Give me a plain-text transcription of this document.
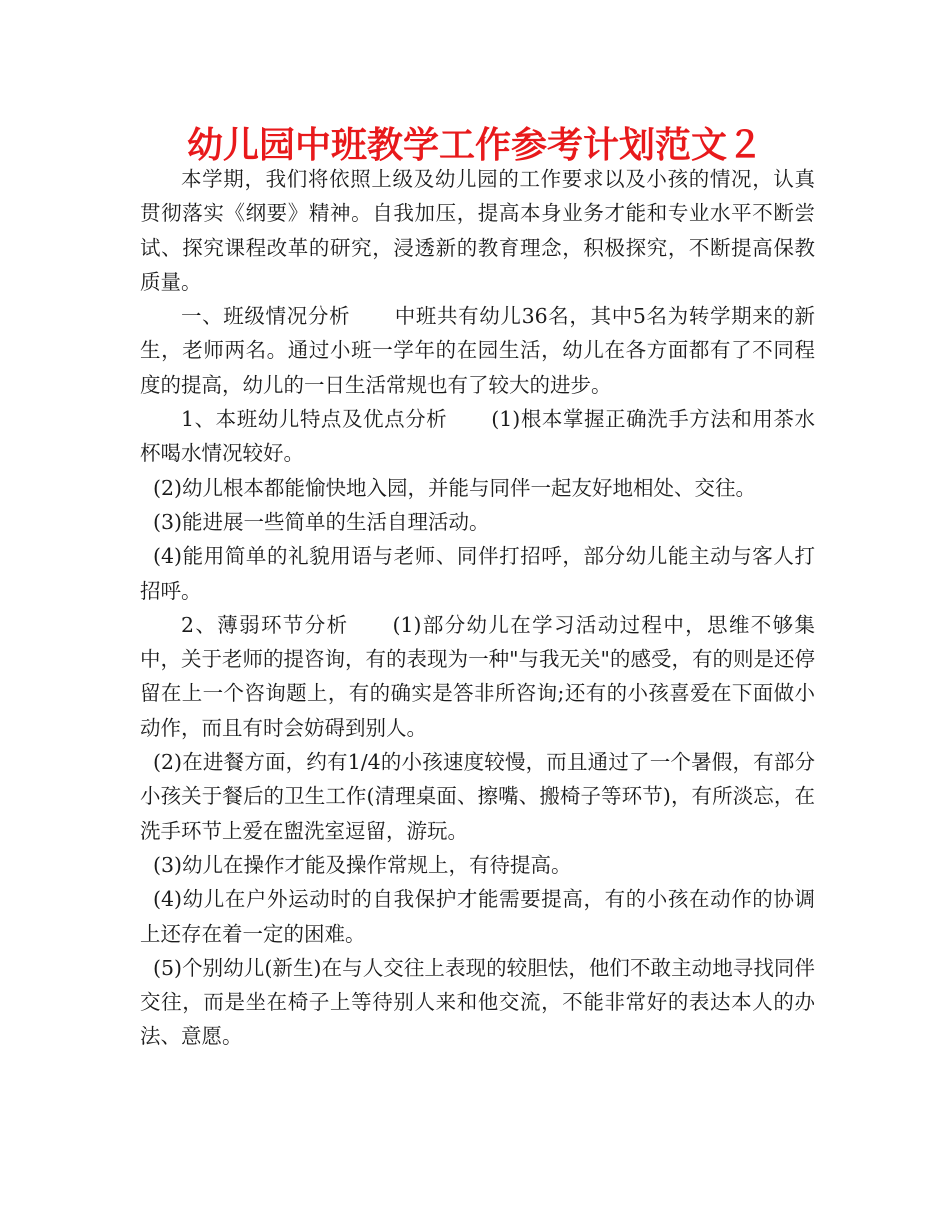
幼儿园中班教学工作参考计划范文２

本学期，我们将依照上级及幼儿园的工作要求以及小孩的情况，认真贯彻落实《纲要》精神。自我加压，提高本身业务才能和专业水平不断尝试、探究课程改革的研究，浸透新的教育理念，积极探究，不断提高保教质量。

一、班级情况分析 中班共有幼儿36名，其中5名为转学期来的新生，老师两名。通过小班一学年的在园生活，幼儿在各方面都有了不同程度的提高，幼儿的一日生活常规也有了较大的进步。

1、本班幼儿特点及优点分析 (1)根本掌握正确洗手方法和用茶水杯喝水情况较好。

(2)幼儿根本都能愉快地入园，并能与同伴一起友好地相处、交往。

(3)能进展一些简单的生活自理活动。

(4)能用简单的礼貌用语与老师、同伴打招呼，部分幼儿能主动与客人打招呼。

2、薄弱环节分析 (1)部分幼儿在学习活动过程中，思维不够集中，关于老师的提咨询，有的表现为一种"与我无关"的感受，有的则是还停留在上一个咨询题上，有的确实是答非所咨询;还有的小孩喜爱在下面做小动作，而且有时会妨碍到别人。

(2)在进餐方面，约有1/4的小孩速度较慢，而且通过了一个暑假，有部分小孩关于餐后的卫生工作(清理桌面、擦嘴、搬椅子等环节)，有所淡忘，在洗手环节上爱在盥洗室逗留，游玩。

(3)幼儿在操作才能及操作常规上，有待提高。

(4)幼儿在户外运动时的自我保护才能需要提高，有的小孩在动作的协调上还存在着一定的困难。

(5)个别幼儿(新生)在与人交往上表现的较胆怯，他们不敢主动地寻找同伴交往，而是坐在椅子上等待别人来和他交流，不能非常好的表达本人的办法、意愿。
